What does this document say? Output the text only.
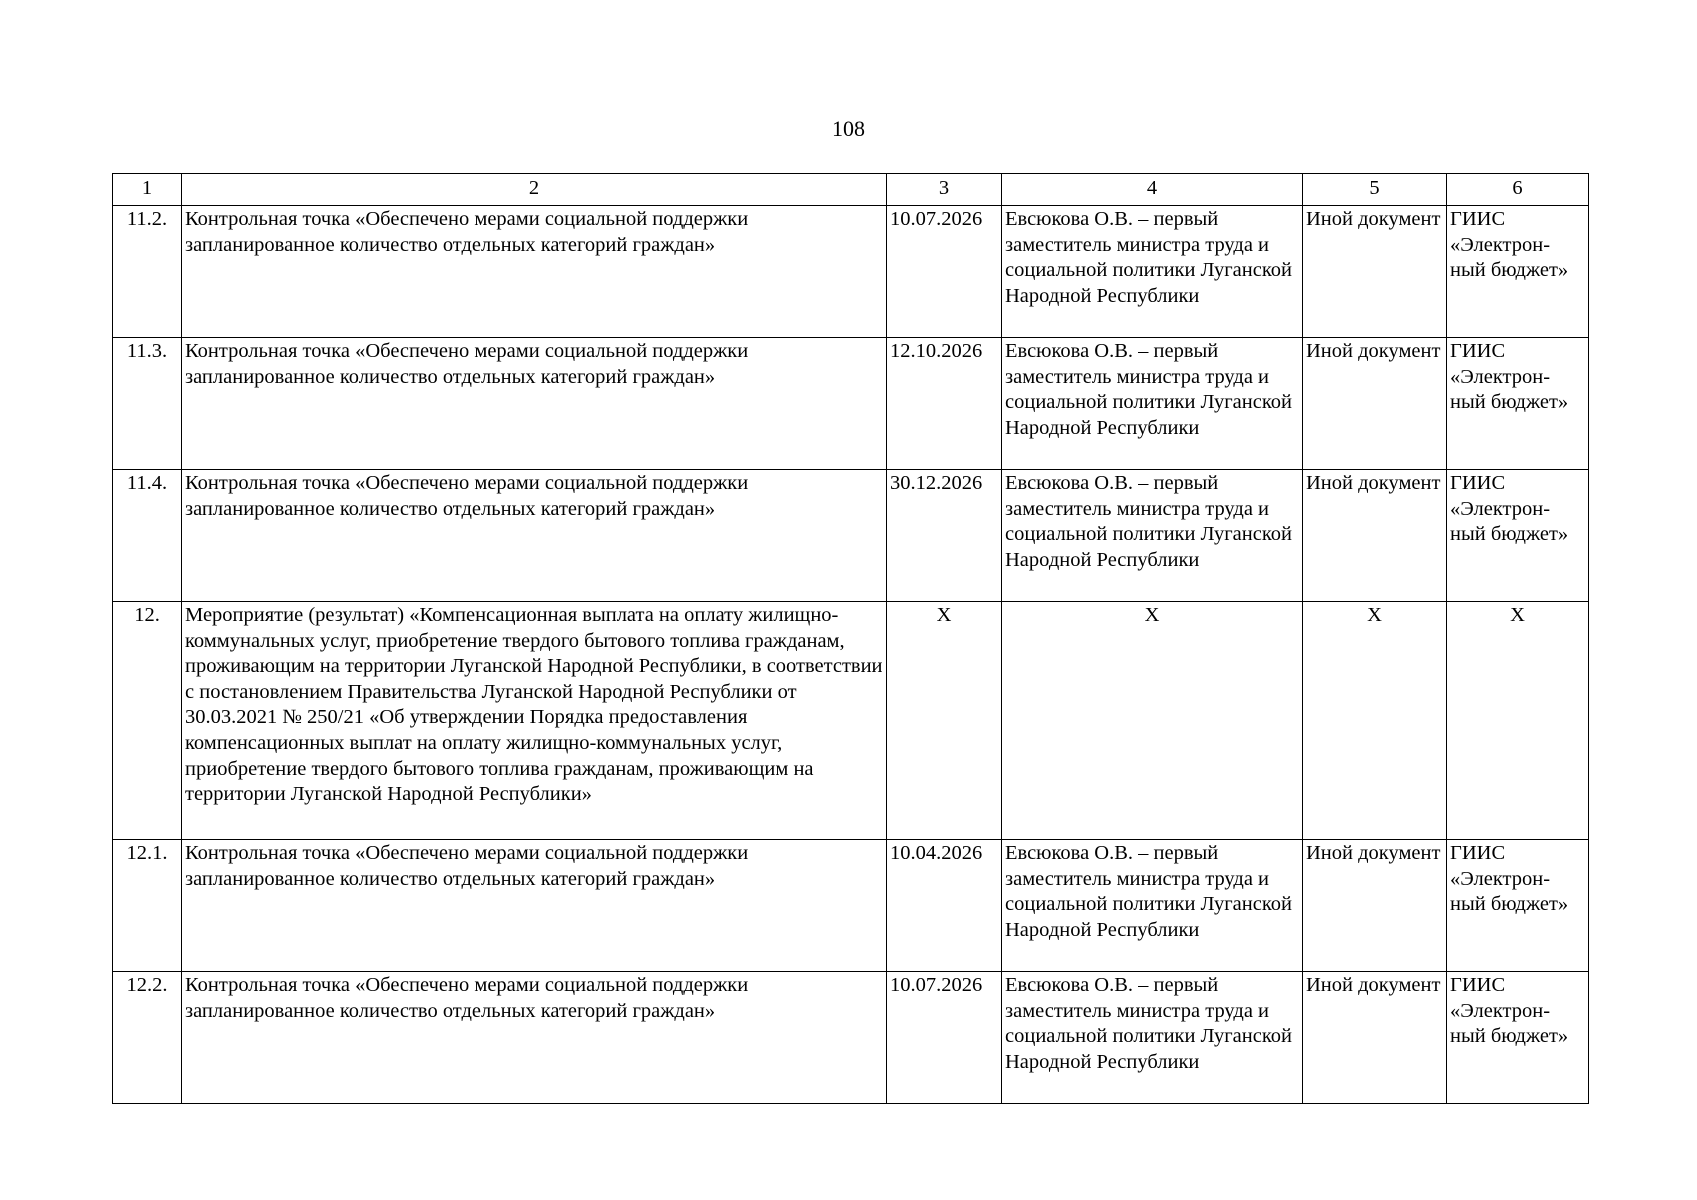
108
1	2	3	4	5	6
11.2.	Контрольная точка «Обеспечено мерами социальной поддержки запланированное количество отдельных категорий граждан»	10.07.2026	Евсюкова О.В. – первый заместитель министра труда и социальной политики Луганской Народной Республики	Иной документ	ГИИС «Электрон-ный бюджет»
11.3.	Контрольная точка «Обеспечено мерами социальной поддержки запланированное количество отдельных категорий граждан»	12.10.2026	Евсюкова О.В. – первый заместитель министра труда и социальной политики Луганской Народной Республики	Иной документ	ГИИС «Электрон-ный бюджет»
11.4.	Контрольная точка «Обеспечено мерами социальной поддержки запланированное количество отдельных категорий граждан»	30.12.2026	Евсюкова О.В. – первый заместитель министра труда и социальной политики Луганской Народной Республики	Иной документ	ГИИС «Электрон-ный бюджет»
12.	Мероприятие (результат) «Компенсационная выплата на оплату жилищно-коммунальных услуг, приобретение твердого бытового топлива гражданам, проживающим на территории Луганской Народной Республики, в соответствии с постановлением Правительства Луганской Народной Республики от 30.03.2021 № 250/21 «Об утверждении Порядка предоставления компенсационных выплат на оплату жилищно-коммунальных услуг, приобретение твердого бытового топлива гражданам, проживающим на территории Луганской Народной Республики»	Х	Х	Х	Х
12.1.	Контрольная точка «Обеспечено мерами социальной поддержки запланированное количество отдельных категорий граждан»	10.04.2026	Евсюкова О.В. – первый заместитель министра труда и социальной политики Луганской Народной Республики	Иной документ	ГИИС «Электрон-ный бюджет»
12.2.	Контрольная точка «Обеспечено мерами социальной поддержки запланированное количество отдельных категорий граждан»	10.07.2026	Евсюкова О.В. – первый заместитель министра труда и социальной политики Луганской Народной Республики	Иной документ	ГИИС «Электрон-ный бюджет»
